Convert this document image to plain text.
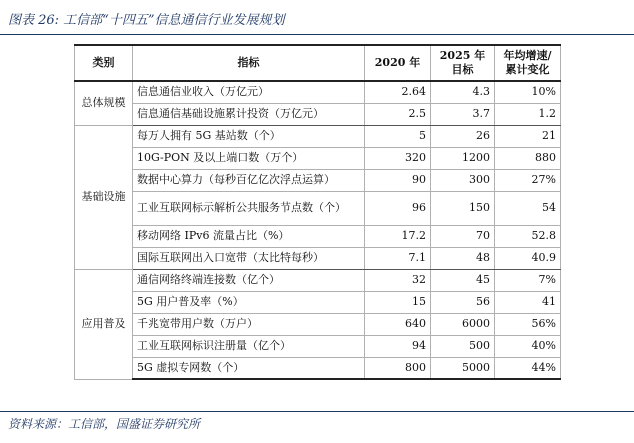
图表 26: 工信部“十四五”信息通信行业发展规划
类别	指标	2020 年	2025 年目标	年均增速/累计变化
总体规模	信息通信业收入（万亿元）	2.64	4.3	10%
	信息通信基础设施累计投资（万亿元）	2.5	3.7	1.2
基础设施	每万人拥有 5G 基站数（个）	5	26	21
	10G-PON 及以上端口数（万个）	320	1200	880
	数据中心算力（每秒百亿亿次浮点运算）	90	300	27%
	工业互联网标示解析公共服务节点数（个）	96	150	54
	移动网络 IPv6 流量占比（%）	17.2	70	52.8
	国际互联网出入口宽带（太比特每秒）	7.1	48	40.9
应用普及	通信网络终端连接数（亿个）	32	45	7%
	5G 用户普及率（%）	15	56	41
	千兆宽带用户数（万户）	640	6000	56%
	工业互联网标识注册量（亿个）	94	500	40%
	5G 虚拟专网数（个）	800	5000	44%
资料来源：工信部，国盛证券研究所
